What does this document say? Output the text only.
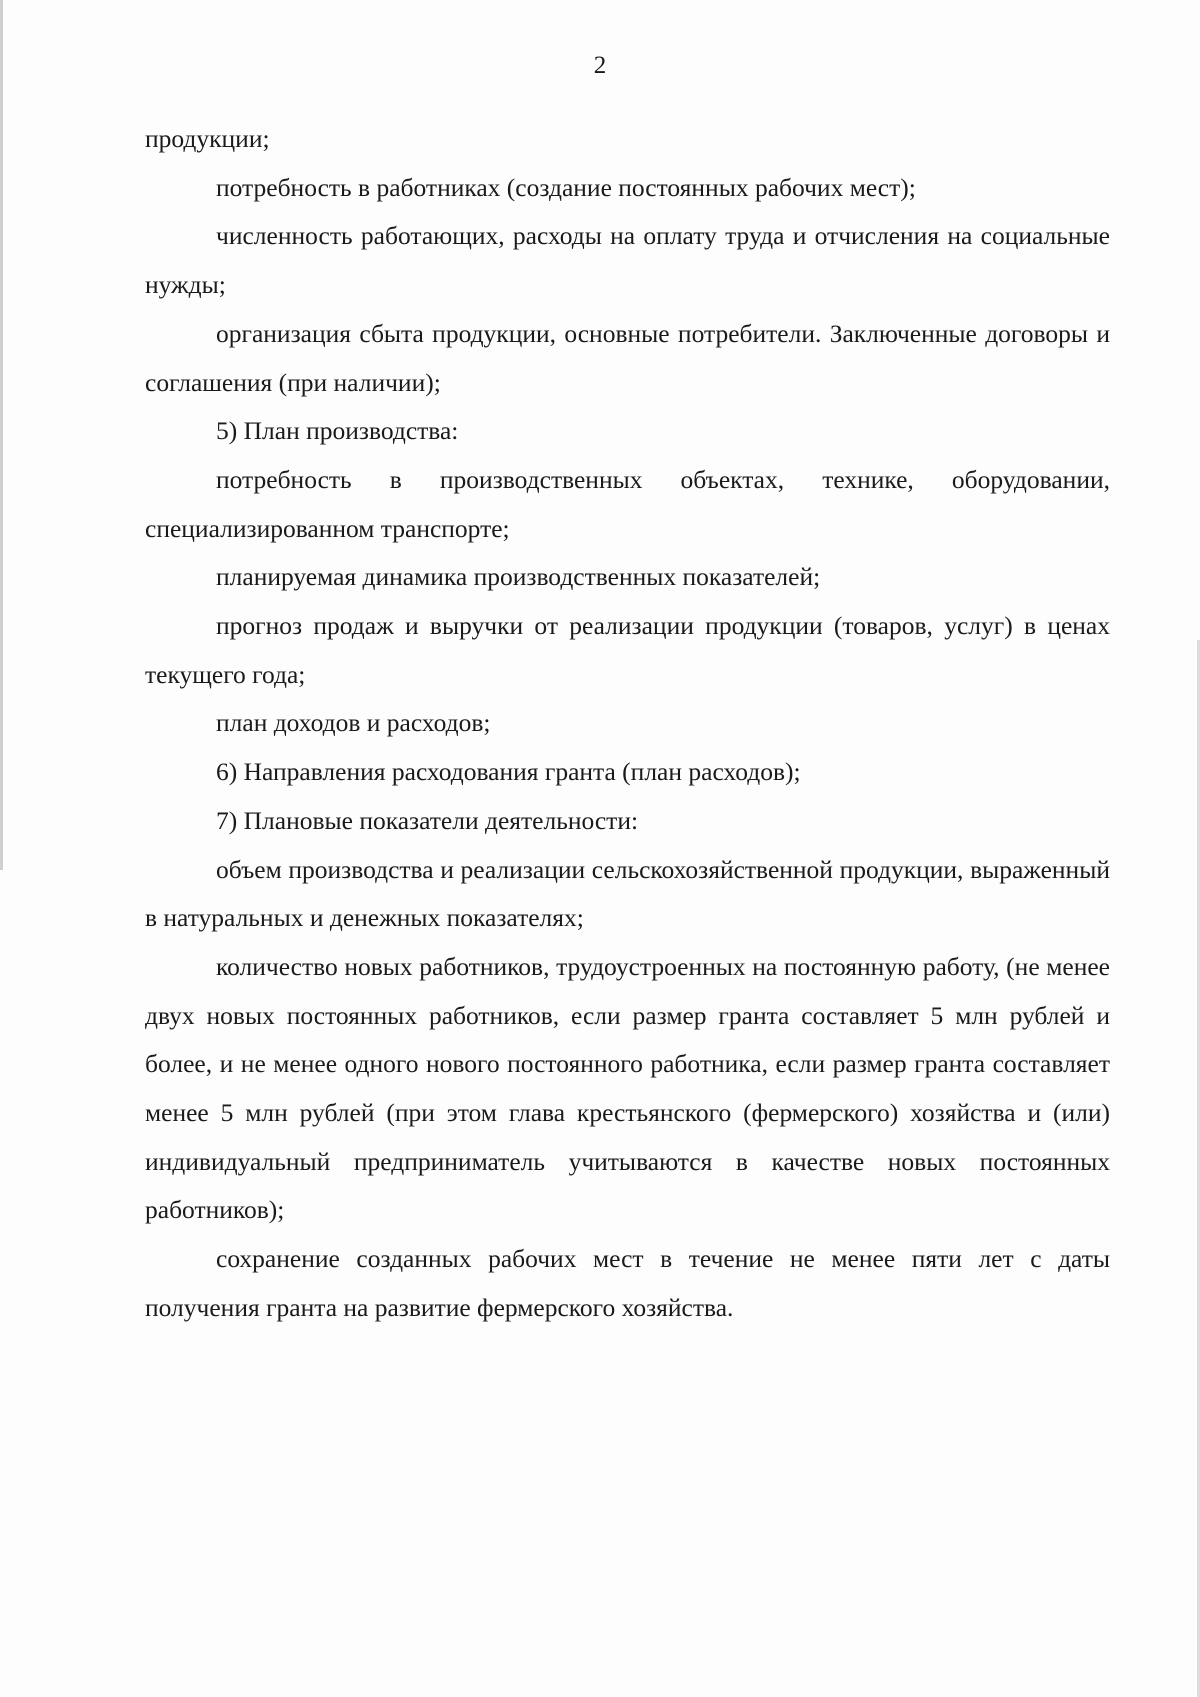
2

продукции;

потребность в работниках (создание постоянных рабочих мест);

численность работающих, расходы на оплату труда и отчисления на социальные нужды;

организация сбыта продукции, основные потребители. Заключенные договоры и соглашения (при наличии);

5) План производства:

потребность в производственных объектах, технике, оборудовании, специализированном транспорте;

планируемая динамика производственных показателей;

прогноз продаж и выручки от реализации продукции (товаров, услуг) в ценах текущего года;

план доходов и расходов;

6) Направления расходования гранта (план расходов);

7) Плановые показатели деятельности:

объем производства и реализации сельскохозяйственной продукции, выраженный в натуральных и денежных показателях;

количество новых работников, трудоустроенных на постоянную работу, (не менее двух новых постоянных работников, если размер гранта составляет 5 млн рублей и более, и не менее одного нового постоянного работника, если размер гранта составляет менее 5 млн рублей (при этом глава крестьянского (фермерского) хозяйства и (или) индивидуальный предприниматель учитываются в качестве новых постоянных работников);

сохранение созданных рабочих мест в течение не менее пяти лет с даты получения гранта на развитие фермерского хозяйства.
